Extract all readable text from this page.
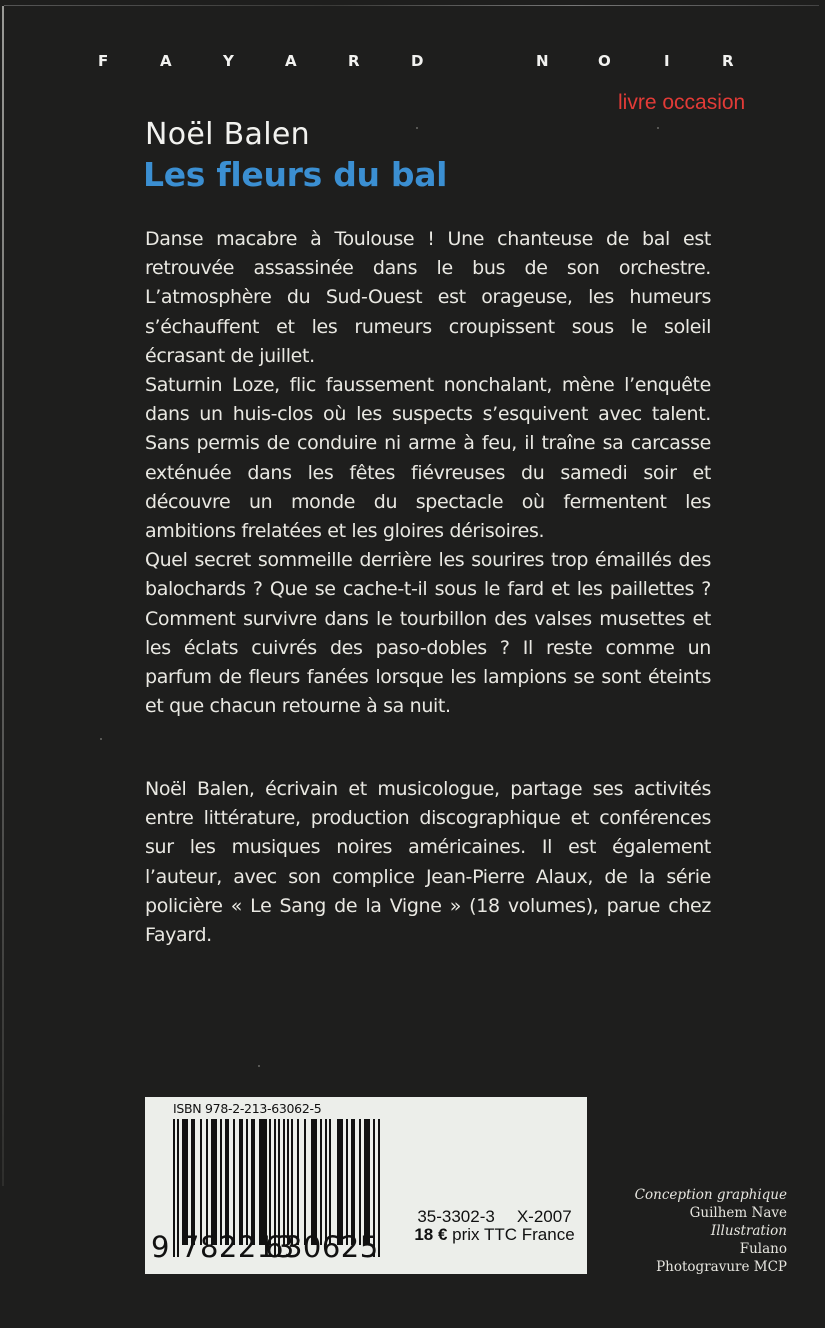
F	A	Y	A	R	D	N	O	I	R
livre occasion
Noël Balen
Les fleurs du bal

Danse macabre à Toulouse ! Une chanteuse de bal est retrouvée assassinée dans le bus de son orchestre. L’atmosphère du Sud-Ouest est orageuse, les humeurs s’échauffent et les rumeurs croupissent sous le soleil écrasant de juillet.

Saturnin Loze, flic faussement nonchalant, mène l’enquête dans un huis-clos où les suspects s’esquivent avec talent. Sans permis de conduire ni arme à feu, il traîne sa carcasse exténuée dans les fêtes fiévreuses du samedi soir et découvre un monde du spectacle où fermentent les ambitions frelatées et les gloires dérisoires.

Quel secret sommeille derrière les sourires trop émaillés des balochards ? Que se cache-t-il sous le fard et les paillettes ? Comment survivre dans le tourbillon des valses musettes et les éclats cuivrés des paso-dobles ? Il reste comme un parfum de fleurs fanées lorsque les lampions se sont éteints et que chacun retourne à sa nuit.

Noël Balen, écrivain et musicologue, partage ses activités entre littérature, production discographique et conférences sur les musiques noires américaines. Il est également l’auteur, avec son complice Jean-Pierre Alaux, de la série policière « Le Sang de la Vigne » (18 volumes), parue chez Fayard.

ISBN 978-2-213-63062-5
9 782213
630625
35-3302-3 X-2007
18 € prix TTC France
Conception graphique
Guilhem Nave
Illustration
Fulano
Photogravure MCP
